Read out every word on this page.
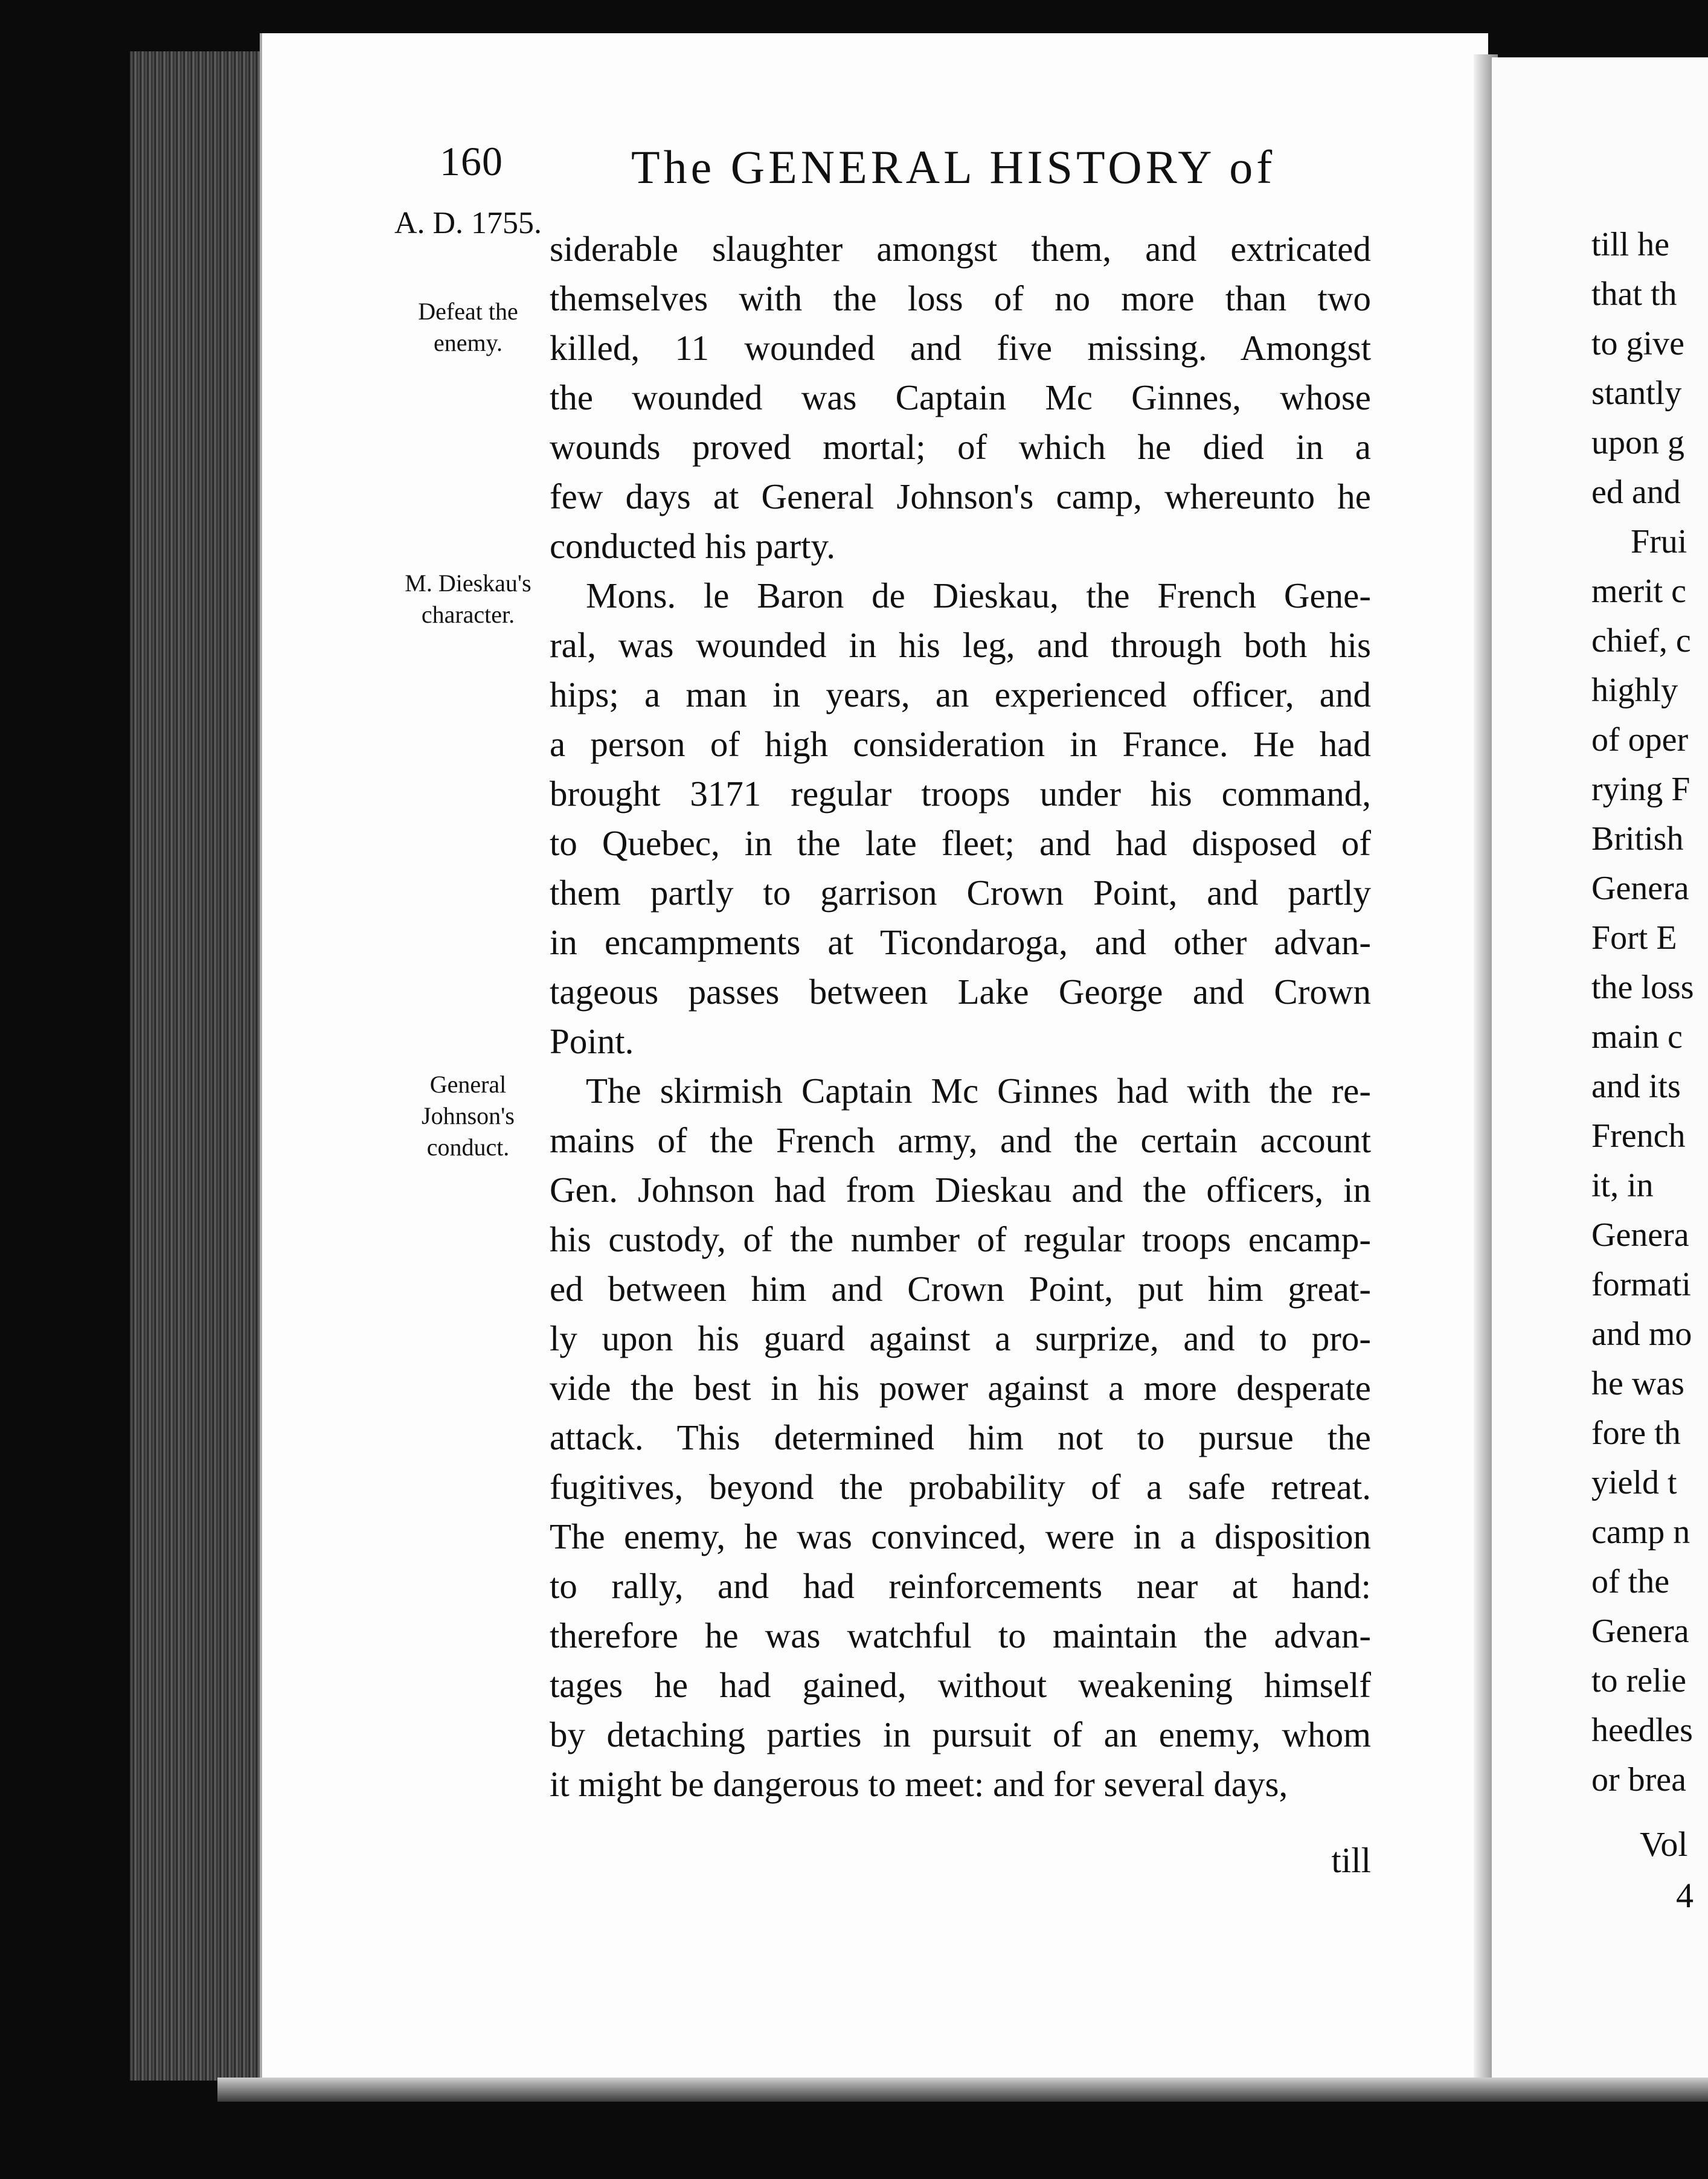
160	The GENERAL HISTORY of
A. D. 1755.
Defeat the enemy.
M. Dieskau's character.
General Johnson's conduct.
siderable slaughter amongst them, and extricated
themselves with the loss of no more than two
killed, 11 wounded and five missing. Amongst
the wounded was Captain Mc Ginnes, whose
wounds proved mortal; of which he died in a
few days at General Johnson's camp, whereunto he
conducted his party.
Mons. le Baron de Dieskau, the French Gene-
ral, was wounded in his leg, and through both his
hips; a man in years, an experienced officer, and
a person of high consideration in France. He had
brought 3171 regular troops under his command,
to Quebec, in the late fleet; and had disposed of
them partly to garrison Crown Point, and partly
in encampments at Ticondaroga, and other advan-
tageous passes between Lake George and Crown
Point.
The skirmish Captain Mc Ginnes had with the re-
mains of the French army, and the certain account
Gen. Johnson had from Dieskau and the officers, in
his custody, of the number of regular troops encamp-
ed between him and Crown Point, put him great-
ly upon his guard against a surprize, and to pro-
vide the best in his power against a more desperate
attack. This determined him not to pursue the
fugitives, beyond the probability of a safe retreat.
The enemy, he was convinced, were in a disposition
to rally, and had reinforcements near at hand:
therefore he was watchful to maintain the advan-
tages he had gained, without weakening himself
by detaching parties in pursuit of an enemy, whom
it might be dangerous to meet: and for several days,
till
till he
that th
to give
stantly
upon g
ed and
Frui
merit c
chief, c
highly
of oper
rying F
British
Genera
Fort E
the loss
main c
and its
French
it, in
Genera
formati
and mo
he was
fore th
yield t
camp n
of the
Genera
to relie
heedles
or brea
Vol
4
